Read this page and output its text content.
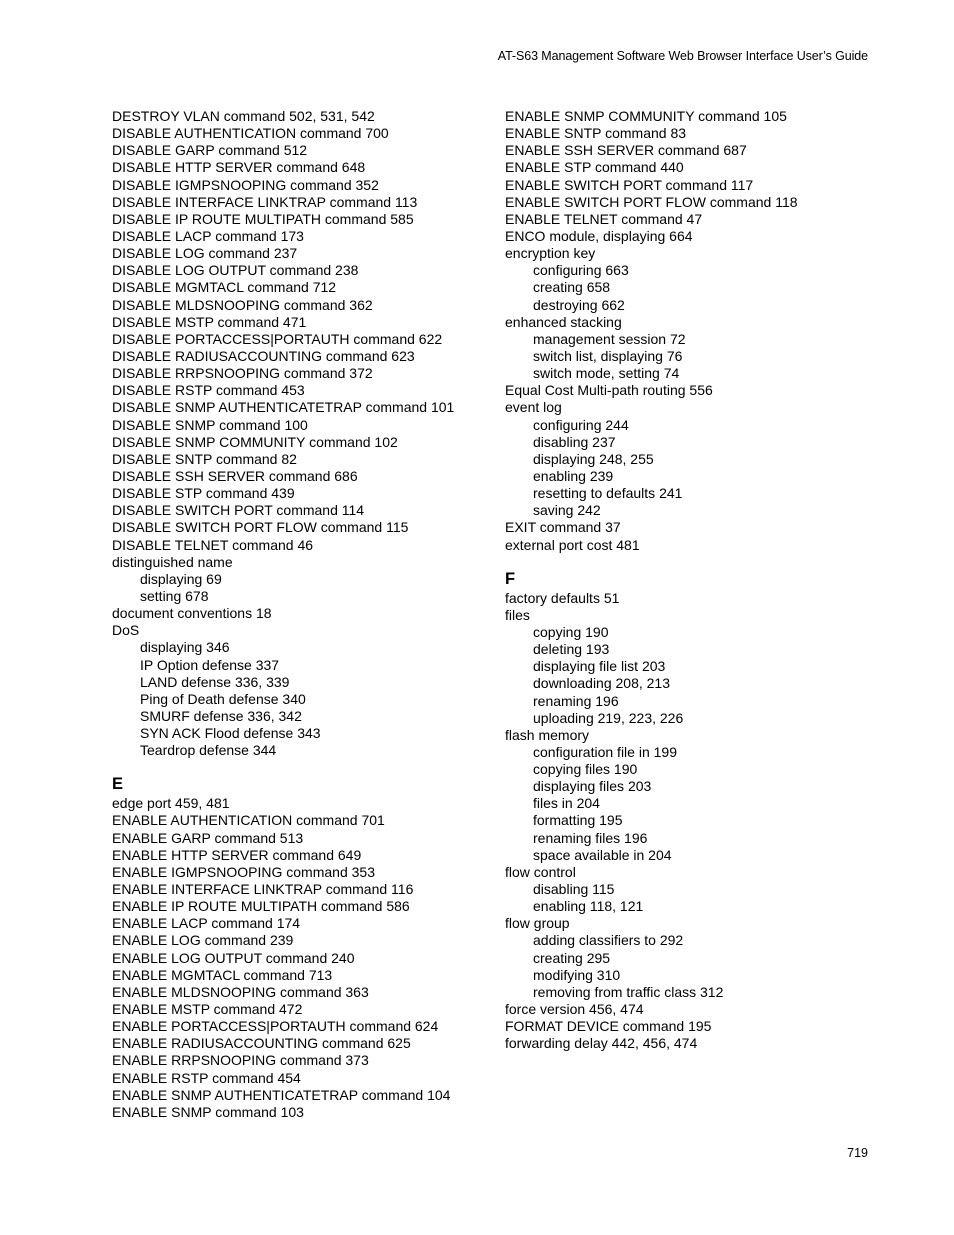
AT-S63 Management Software Web Browser Interface User’s Guide
DESTROY VLAN command 502, 531, 542
DISABLE AUTHENTICATION command 700
DISABLE GARP command 512
DISABLE HTTP SERVER command 648
DISABLE IGMPSNOOPING command 352
DISABLE INTERFACE LINKTRAP command 113
DISABLE IP ROUTE MULTIPATH command 585
DISABLE LACP command 173
DISABLE LOG command 237
DISABLE LOG OUTPUT command 238
DISABLE MGMTACL command 712
DISABLE MLDSNOOPING command 362
DISABLE MSTP command 471
DISABLE PORTACCESS|PORTAUTH command 622
DISABLE RADIUSACCOUNTING command 623
DISABLE RRPSNOOPING command 372
DISABLE RSTP command 453
DISABLE SNMP AUTHENTICATETRAP command 101
DISABLE SNMP command 100
DISABLE SNMP COMMUNITY command 102
DISABLE SNTP command 82
DISABLE SSH SERVER command 686
DISABLE STP command 439
DISABLE SWITCH PORT command 114
DISABLE SWITCH PORT FLOW command 115
DISABLE TELNET command 46
distinguished name
displaying 69
setting 678
document conventions 18
DoS
displaying 346
IP Option defense 337
LAND defense 336, 339
Ping of Death defense 340
SMURF defense 336, 342
SYN ACK Flood defense 343
Teardrop defense 344
E
edge port 459, 481
ENABLE AUTHENTICATION command 701
ENABLE GARP command 513
ENABLE HTTP SERVER command 649
ENABLE IGMPSNOOPING command 353
ENABLE INTERFACE LINKTRAP command 116
ENABLE IP ROUTE MULTIPATH command 586
ENABLE LACP command 174
ENABLE LOG command 239
ENABLE LOG OUTPUT command 240
ENABLE MGMTACL command 713
ENABLE MLDSNOOPING command 363
ENABLE MSTP command 472
ENABLE PORTACCESS|PORTAUTH command 624
ENABLE RADIUSACCOUNTING command 625
ENABLE RRPSNOOPING command 373
ENABLE RSTP command 454
ENABLE SNMP AUTHENTICATETRAP command 104
ENABLE SNMP command 103
ENABLE SNMP COMMUNITY command 105
ENABLE SNTP command 83
ENABLE SSH SERVER command 687
ENABLE STP command 440
ENABLE SWITCH PORT command 117
ENABLE SWITCH PORT FLOW command 118
ENABLE TELNET command 47
ENCO module, displaying 664
encryption key
configuring 663
creating 658
destroying 662
enhanced stacking
management session 72
switch list, displaying 76
switch mode, setting 74
Equal Cost Multi-path routing 556
event log
configuring 244
disabling 237
displaying 248, 255
enabling 239
resetting to defaults 241
saving 242
EXIT command 37
external port cost 481
F
factory defaults 51
files
copying 190
deleting 193
displaying file list 203
downloading 208, 213
renaming 196
uploading 219, 223, 226
flash memory
configuration file in 199
copying files 190
displaying files 203
files in 204
formatting 195
renaming files 196
space available in 204
flow control
disabling 115
enabling 118, 121
flow group
adding classifiers to 292
creating 295
modifying 310
removing from traffic class 312
force version 456, 474
FORMAT DEVICE command 195
forwarding delay 442, 456, 474
719
